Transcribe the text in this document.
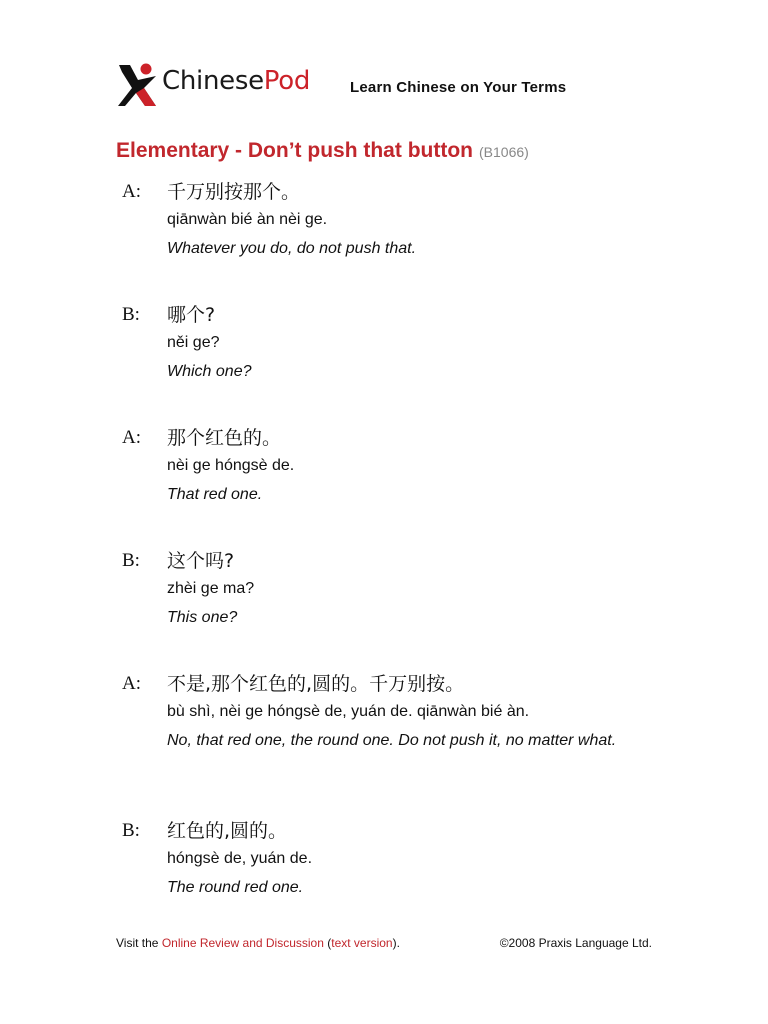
ChinesePod	Learn Chinese on Your Terms
Elementary - Don’t push that button (B1066)
A: 千万别按那个。
qiānwàn bié àn nèi ge.
Whatever you do, do not push that.
B: 哪个?
něi ge?
Which one?
A: 那个红色的。
nèi ge hóngsè de.
That red one.
B: 这个吗?
zhèi ge ma?
This one?
A: 不是,那个红色的,圆的。千万别按。
bù shì, nèi ge hóngsè de, yuán de. qiānwàn bié àn.
No, that red one, the round one. Do not push it, no matter what.
B: 红色的,圆的。
hóngsè de, yuán de.
The round red one.
Visit the Online Review and Discussion (text version).	©2008 Praxis Language Ltd.
